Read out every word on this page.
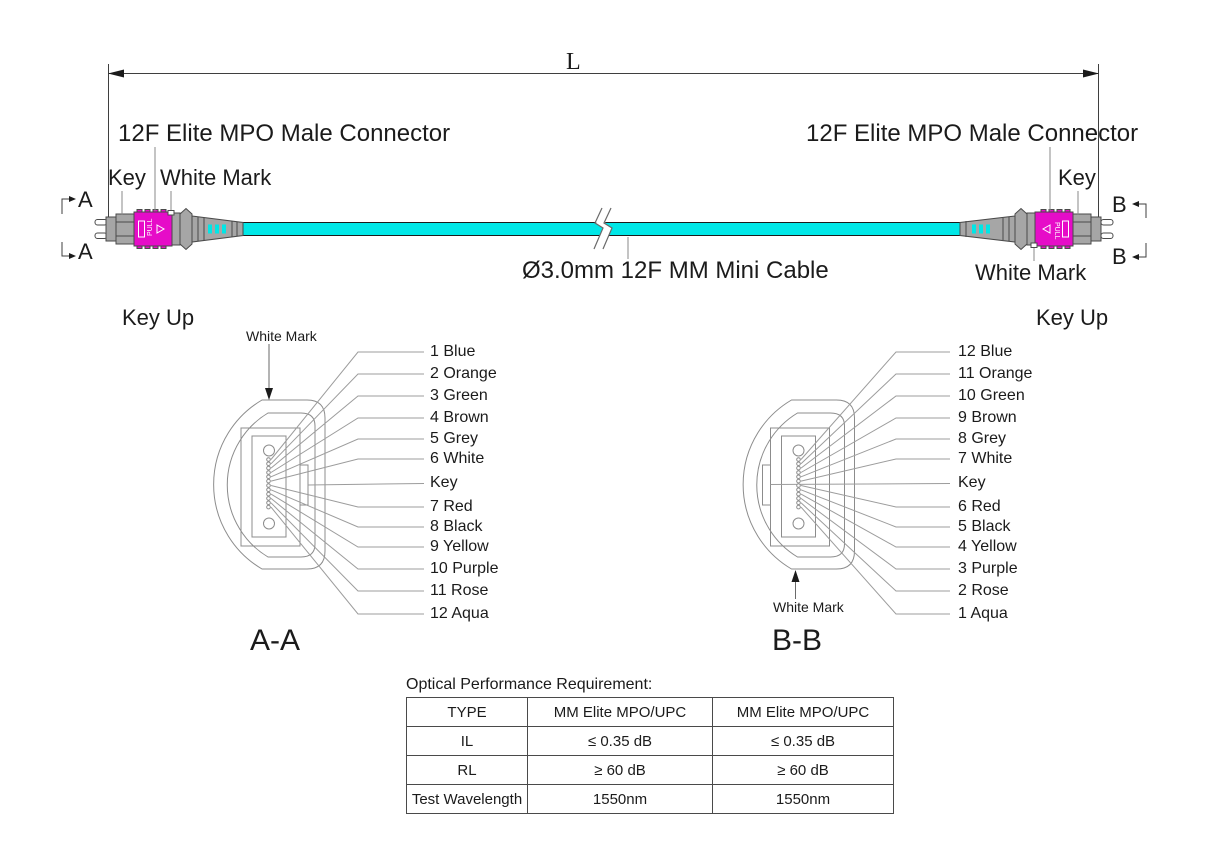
PULL	PULL
L
12F Elite MPO Male Connector	12F Elite MPO Male Connector
Key White Mark	Key
White Mark
A
A
B
B
Ø3.0mm 12F MM Mini Cable
Key Up	Key Up
White Mark
White Mark
A-A	B-B
1 Blue
2 Orange
3 Green
4 Brown
5 Grey
6 White
Key
7 Red
8 Black
9 Yellow
10 Purple
11 Rose
12 Aqua
12 Blue
11 Orange
10 Green
9 Brown
8 Grey
7 White
Key
6 Red
5 Black
4 Yellow
3 Purple
2 Rose
1 Aqua
Optical Performance Requirement:
TYPE	MM Elite MPO/UPC	MM Elite MPO/UPC
IL	≤ 0.35 dB	≤ 0.35 dB
RL	≥ 60 dB	≥ 60 dB
Test Wavelength	1550nm	1550nm
